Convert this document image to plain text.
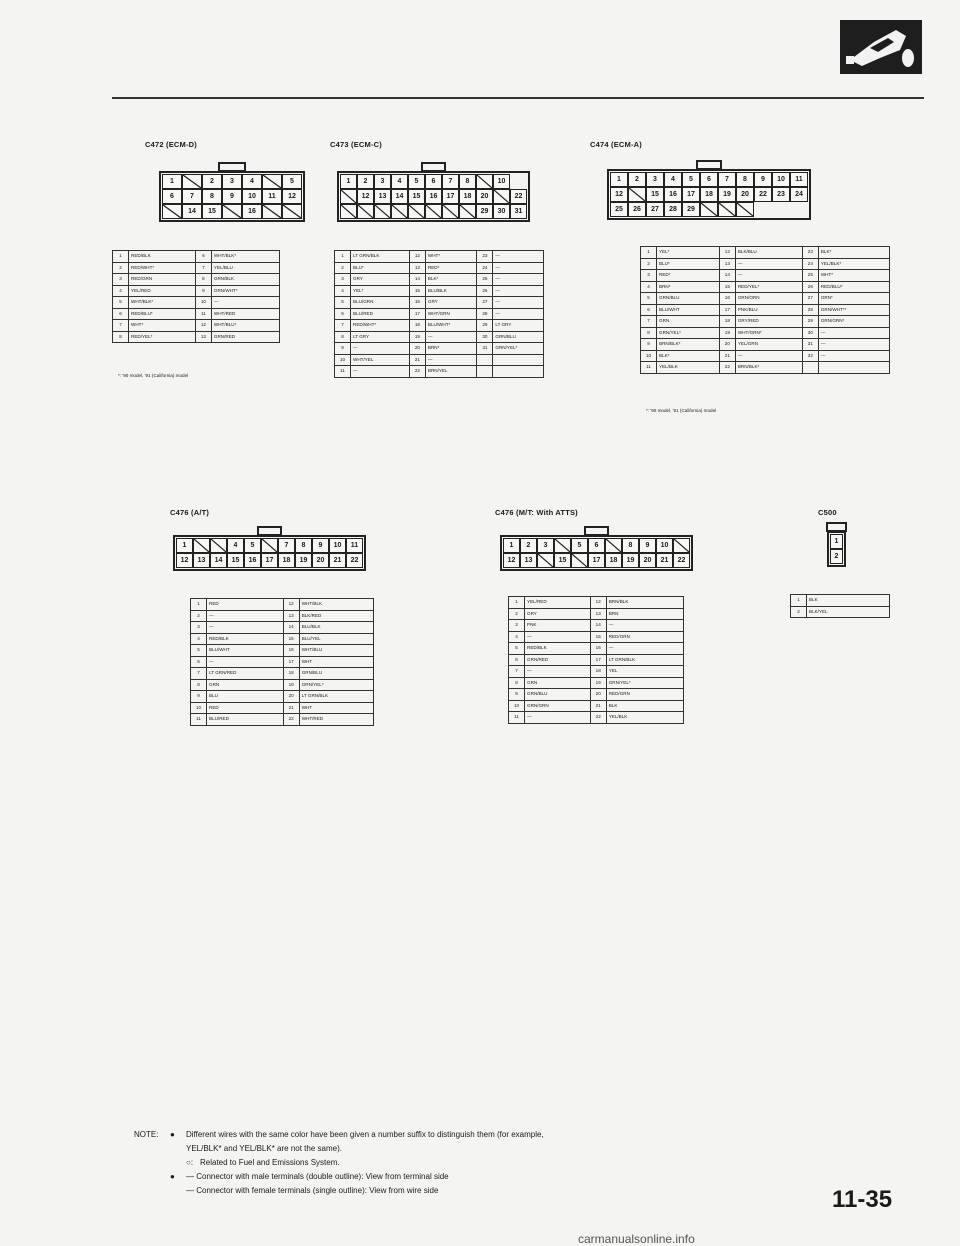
C472 (ECM-D)
1	2	3	4	5
6	7	8	9	10	11	12
14	15	16
1	RED/BLK	6	WHT/BLK*
2	RED/WHT*	7	YEL/BLU
3	RED/GRN	8	GRN/BLK
4	YEL/RED	9	GRN/WHT*
5	WHT/BLK*	10	—
6	RED/BLU*	11	WHT/RED
7	WHT*	12	WHT/BLU*
8	RED/YEL*	13	GRN/RED
*: '90 model, '91 (California) model
C473 (ECM-C)
1	2	3	4	5	6	7	8	10
12	13	14	15	16	17	18	20	22
29	30	31
1	LT GRN/BLK	12	WHT*	23	—
2	BLU*	13	RED*	24	—
3	GRY	14	BLK*	25	—
4	YEL*	15	BLU/BLK	26	—
5	BLU/GRN	16	GRY	27	—
6	BLU/RED	17	WHT/GRN	28	—
7	RED/WHT*	18	BLU/WHT*	29	LT GRY
8	LT GRY	19	—	30	GRN/BLU
9	—	20	BRN*	31	GRN/YEL*
10	WHT/YEL	21	—		
11	—	22	BRN/YEL		
C474 (ECM-A)
1	2	3	4	5	6	7	8	9	10	11
12	15	16	17	18	19	20	22	23	24
25	26	27	28	29
1	YEL*	12	BLK/BLU	23	BLK*
2	BLU*	13	—	24	YEL/BLK*
3	RED*	14	—	25	WHT*
4	BRN*	15	RED/YEL*	26	RED/BLU*
5	GRN/BLU	16	GRN/ORN	27	GRN*
6	BLU/WHT	17	PNK/BLU	28	GRN/WHT**
7	GRN	18	GRY/RED	29	GRN/GRN*
8	GRN/YEL*	19	WHT/GRN*	30	—
9	BRN/BLK*	20	YEL/GRN	31	—
10	BLK*	21	—	32	—
11	YEL/BLK	22	BRN/BLK*		
*: '90 model, '91 (California) model
C476 (A/T)
1	4	5	7	8	9	10	11
12	13	14	15	16	17	18	19	20	21	22
1	RED	12	WHT/BLK
2	—	13	BLK/RED
3	—	14	BLU/BLK
4	RED/BLK	15	BLU/YEL
5	BLU/WHT	16	WHT/BLU
6	—	17	WHT
7	LT GRN/RED	18	GRN/BLU
8	GRN	19	GRN/YEL*
9	BLU	20	LT GRN/BLK
10	RED	21	WHT
11	BLU/RED	22	WHT/RED
C476 (M/T: With ATTS)
1	2	3	5	6	8	9	10
12	13	15	17	18	19	20	21	22
1	YEL/RED	12	BRN/BLK
2	GRY	13	BRN
3	PNK	14	—
4	—	15	RED/GRN
5	RED/BLK	16	—
6	GRN/RED	17	LT GRN/BLK
7	—	18	YEL
8	GRN	19	GRN/YEL*
9	GRN/BLU	20	RED/GRN
10	GRN/GRN	21	BLK
11	—	22	YEL/BLK
C500
1
2
1	BLK
2	BLK/YEL
NOTE: ● Different wires with the same color have been given a number suffix to distinguish them (for example,
YEL/BLK* and YEL/BLK* are not the same).
○: Related to Fuel and Emissions System.
● — Connector with male terminals (double outline): View from terminal side
— Connector with female terminals (single outline): View from wire side	11-35
carmanualsonline.info
